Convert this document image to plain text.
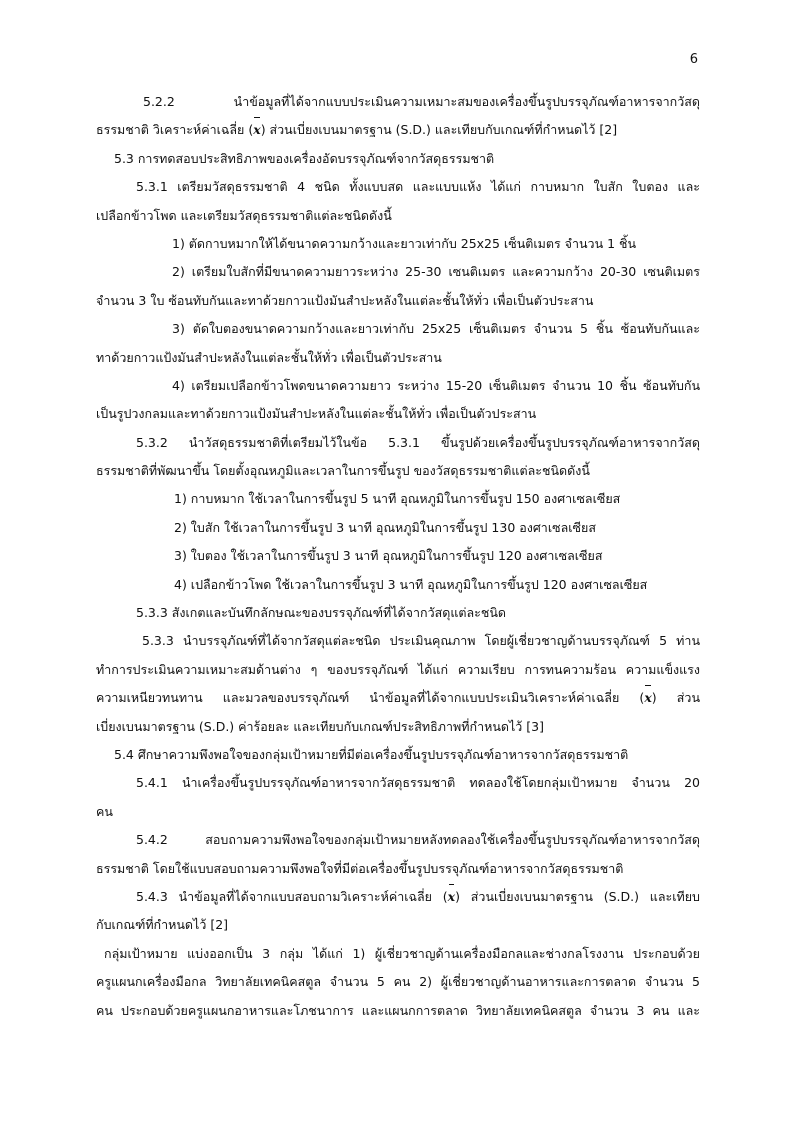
6
5.2.2 นำข้อมูลที่ได้จากแบบประเมินความเหมาะสมของเครื่องขึ้นรูปบรรจุภัณฑ์อาหารจากวัสดุ
ธรรมชาติ วิเคราะห์ค่าเฉลี่ย (x) ส่วนเบี่ยงเบนมาตรฐาน (S.D.) และเทียบกับเกณฑ์ที่กำหนดไว้ [2]
5.3 การทดสอบประสิทธิภาพของเครื่องอัดบรรจุภัณฑ์จากวัสดุธรรมชาติ
5.3.1 เตรียมวัสดุธรรมชาติ 4 ชนิด ทั้งแบบสด และแบบแห้ง ได้แก่ กาบหมาก ใบสัก ใบตอง และ
เปลือกข้าวโพด และเตรียมวัสดุธรรมชาติแต่ละชนิดดังนี้
1) ตัดกาบหมากให้ได้ขนาดความกว้างและยาวเท่ากับ 25x25 เซ็นติเมตร จำนวน 1 ชิ้น
2) เตรียมใบสักที่มีขนาดความยาวระหว่าง 25-30 เซนติเมตร และความกว้าง 20-30 เซนติเมตร
จำนวน 3 ใบ ซ้อนทับกันและทาด้วยกาวแป้งมันสำปะหลังในแต่ละชั้นให้ทั่ว เพื่อเป็นตัวประสาน
3) ตัดใบตองขนาดความกว้างและยาวเท่ากับ 25x25 เซ็นติเมตร จำนวน 5 ชิ้น ซ้อนทับกันและ
ทาด้วยกาวแป้งมันสำปะหลังในแต่ละชั้นให้ทั่ว เพื่อเป็นตัวประสาน
4) เตรียมเปลือกข้าวโพดขนาดความยาว ระหว่าง 15-20 เซ็นติเมตร จำนวน 10 ชิ้น ซ้อนทับกัน
เป็นรูปวงกลมและทาด้วยกาวแป้งมันสำปะหลังในแต่ละชั้นให้ทั่ว เพื่อเป็นตัวประสาน
5.3.2 นำวัสดุธรรมชาติที่เตรียมไว้ในข้อ 5.3.1 ขึ้นรูปด้วยเครื่องขึ้นรูปบรรจุภัณฑ์อาหารจากวัสดุ
ธรรมชาติที่พัฒนาขึ้น โดยตั้งอุณหภูมิและเวลาในการขึ้นรูป ของวัสดุธรรมชาติแต่ละชนิดดังนี้
1) กาบหมาก ใช้เวลาในการขึ้นรูป 5 นาที อุณหภูมิในการขึ้นรูป 150 องศาเซลเซียส
2) ใบสัก ใช้เวลาในการขึ้นรูป 3 นาที อุณหภูมิในการขึ้นรูป 130 องศาเซลเซียส
3) ใบตอง ใช้เวลาในการขึ้นรูป 3 นาที อุณหภูมิในการขึ้นรูป 120 องศาเซลเซียส
4) เปลือกข้าวโพด ใช้เวลาในการขึ้นรูป 3 นาที อุณหภูมิในการขึ้นรูป 120 องศาเซลเซียส
5.3.3 สังเกตและบันทึกลักษณะของบรรจุภัณฑ์ที่ได้จากวัสดุแต่ละชนิด
5.3.3 นำบรรจุภัณฑ์ที่ได้จากวัสดุแต่ละชนิด ประเมินคุณภาพ โดยผู้เชี่ยวชาญด้านบรรจุภัณฑ์ 5 ท่าน
ทำการประเมินความเหมาะสมด้านต่าง ๆ ของบรรจุภัณฑ์ ได้แก่ ความเรียบ การทนความร้อน ความแข็งแรง
ความเหนียวทนทาน และมวลของบรรจุภัณฑ์ นำข้อมูลที่ได้จากแบบประเมินวิเคราะห์ค่าเฉลี่ย (x) ส่วน
เบี่ยงเบนมาตรฐาน (S.D.) ค่าร้อยละ และเทียบกับเกณฑ์ประสิทธิภาพที่กำหนดไว้ [3]
5.4 ศึกษาความพึงพอใจของกลุ่มเป้าหมายที่มีต่อเครื่องขึ้นรูปบรรจุภัณฑ์อาหารจากวัสดุธรรมชาติ
5.4.1 นำเครื่องขึ้นรูปบรรจุภัณฑ์อาหารจากวัสดุธรรมชาติ ทดลองใช้โดยกลุ่มเป้าหมาย จำนวน 20
คน
5.4.2 สอบถามความพึงพอใจของกลุ่มเป้าหมายหลังทดลองใช้เครื่องขึ้นรูปบรรจุภัณฑ์อาหารจากวัสดุ
ธรรมชาติ โดยใช้แบบสอบถามความพึงพอใจที่มีต่อเครื่องขึ้นรูปบรรจุภัณฑ์อาหารจากวัสดุธรรมชาติ
5.4.3 นำข้อมูลที่ได้จากแบบสอบถามวิเคราะห์ค่าเฉลี่ย (x) ส่วนเบี่ยงเบนมาตรฐาน (S.D.) และเทียบ
กับเกณฑ์ที่กำหนดไว้ [2]
กลุ่มเป้าหมาย แบ่งออกเป็น 3 กลุ่ม ได้แก่ 1) ผู้เชี่ยวชาญด้านเครื่องมือกลและช่างกลโรงงาน ประกอบด้วย
ครูแผนกเครื่องมือกล วิทยาลัยเทคนิคสตูล จำนวน 5 คน 2) ผู้เชี่ยวชาญด้านอาหารและการตลาด จำนวน 5
คน ประกอบด้วยครูแผนกอาหารและโภชนาการ และแผนกการตลาด วิทยาลัยเทคนิคสตูล จำนวน 3 คน และ
